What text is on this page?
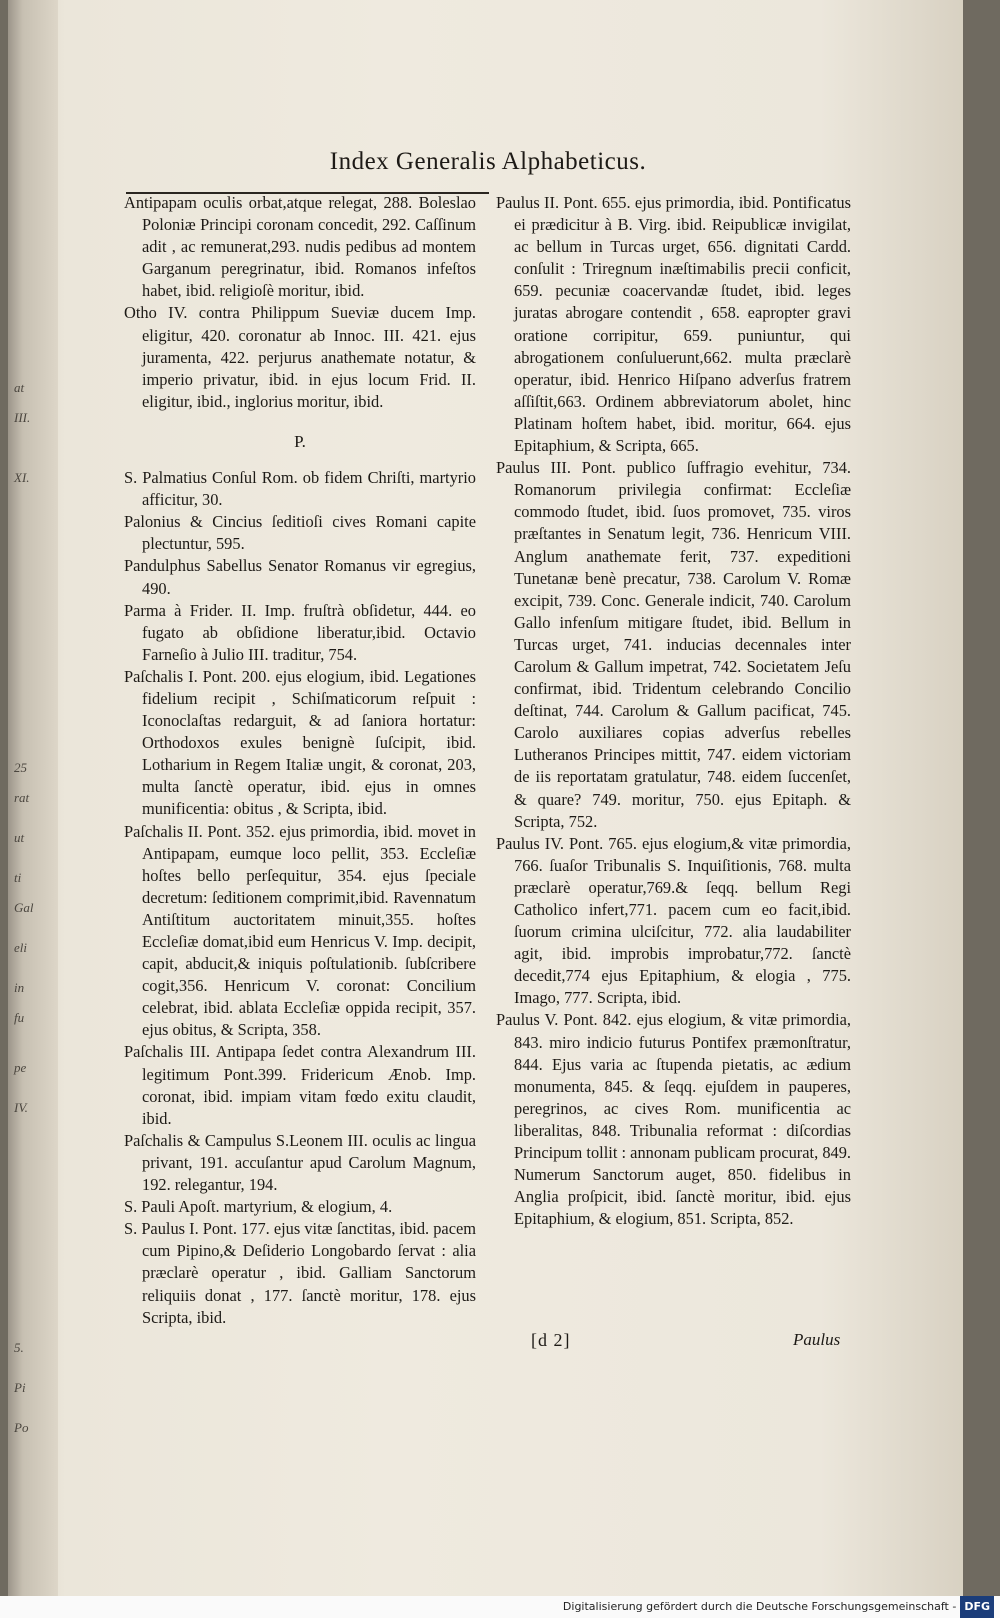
at
III.
XI.
25
rat
ut
ti
Gal
eli
in
fu
pe
IV.
5.
Pi
Po
Index Generalis Alphabeticus.

Antipapam oculis orbat,atque relegat, 288. Boleslao Poloniæ Principi coronam concedit, 292. Caſſinum adit , ac remunerat,293. nudis pedibus ad montem Garganum peregrinatur, ibid. Romanos infeſtos habet, ibid. religioſè moritur, ibid.

Otho IV. contra Philippum Sueviæ ducem Imp. eligitur, 420. coronatur ab Innoc. III. 421. ejus juramenta, 422. perjurus anathemate notatur, & imperio privatur, ibid. in ejus locum Frid. II. eligitur, ibid., inglorius moritur, ibid.

P.

S. Palmatius Conſul Rom. ob fidem Chriſti, martyrio afficitur, 30.

Palonius & Cincius ſeditioſi cives Romani capite plectuntur, 595.

Pandulphus Sabellus Senator Romanus vir egregius, 490.

Parma à Frider. II. Imp. fruſtrà obſidetur, 444. eo fugato ab obſidione liberatur,ibid. Octavio Farneſio à Julio III. traditur, 754.

Paſchalis I. Pont. 200. ejus elogium, ibid. Legationes fidelium recipit , Schiſmaticorum reſpuit : Iconoclaſtas redarguit, & ad ſaniora hortatur: Orthodoxos exules benignè ſuſcipit, ibid. Lotharium in Regem Italiæ ungit, & coronat, 203, multa ſanctè operatur, ibid. ejus in omnes munificentia: obitus , & Scripta, ibid.

Paſchalis II. Pont. 352. ejus primordia, ibid. movet in Antipapam, eumque loco pellit, 353. Eccleſiæ hoſtes bello perſequitur, 354. ejus ſpeciale decretum: ſeditionem comprimit,ibid. Ravennatum Antiſtitum auctoritatem minuit,355. hoſtes Eccleſiæ domat,ibid eum Henricus V. Imp. decipit, capit, abducit,& iniquis poſtulationib. ſubſcribere cogit,356. Henricum V. coronat: Concilium celebrat, ibid. ablata Eccleſiæ oppida recipit, 357. ejus obitus, & Scripta, 358.

Paſchalis III. Antipapa ſedet contra Alexandrum III. legitimum Pont.399. Fridericum Ænob. Imp. coronat, ibid. impiam vitam fœdo exitu claudit, ibid.

Paſchalis & Campulus S.Leonem III. oculis ac lingua privant, 191. accuſantur apud Carolum Magnum, 192. relegantur, 194.

S. Pauli Apoſt. martyrium, & elogium, 4.

S. Paulus I. Pont. 177. ejus vitæ ſanctitas, ibid. pacem cum Pipino,& Deſiderio Longobardo ſervat : alia præclarè operatur , ibid. Galliam Sanctorum reliquiis donat , 177. ſanctè moritur, 178. ejus Scripta, ibid.

Paulus II. Pont. 655. ejus primordia, ibid. Pontificatus ei prædicitur à B. Virg. ibid. Reipublicæ invigilat, ac bellum in Turcas urget, 656. dignitati Cardd. conſulit : Triregnum inæſtimabilis precii conficit, 659. pecuniæ coacervandæ ſtudet, ibid. leges juratas abrogare contendit , 658. eapropter gravi oratione corripitur, 659. puniuntur, qui abrogationem conſuluerunt,662. multa præclarè operatur, ibid. Henrico Hiſpano adverſus fratrem aſſiſtit,663. Ordinem abbreviatorum abolet, hinc Platinam hoſtem habet, ibid. moritur, 664. ejus Epitaphium, & Scripta, 665.

Paulus III. Pont. publico ſuffragio evehitur, 734. Romanorum privilegia confirmat: Eccleſiæ commodo ſtudet, ibid. ſuos promovet, 735. viros præſtantes in Senatum legit, 736. Henricum VIII. Anglum anathemate ferit, 737. expeditioni Tunetanæ benè precatur, 738. Carolum V. Romæ excipit, 739. Conc. Generale indicit, 740. Carolum Gallo infenſum mitigare ſtudet, ibid. Bellum in Turcas urget, 741. inducias decennales inter Carolum & Gallum impetrat, 742. Societatem Jeſu confirmat, ibid. Tridentum celebrando Concilio deſtinat, 744. Carolum & Gallum pacificat, 745. Carolo auxiliares copias adverſus rebelles Lutheranos Principes mittit, 747. eidem victoriam de iis reportatam gratulatur, 748. eidem ſuccenſet, & quare? 749. moritur, 750. ejus Epitaph. & Scripta, 752.

Paulus IV. Pont. 765. ejus elogium,& vitæ primordia, 766. ſuaſor Tribunalis S. Inquiſitionis, 768. multa præclarè operatur,769.& ſeqq. bellum Regi Catholico infert,771. pacem cum eo facit,ibid. ſuorum crimina ulciſcitur, 772. alia laudabiliter agit, ibid. improbis improbatur,772. ſanctè decedit,774 ejus Epitaphium, & elogia , 775. Imago, 777. Scripta, ibid.

Paulus V. Pont. 842. ejus elogium, & vitæ primordia, 843. miro indicio futurus Pontifex præmonſtratur, 844. Ejus varia ac ſtupenda pietatis, ac ædium monumenta, 845. & ſeqq. ejuſdem in pauperes, peregrinos, ac cives Rom. munificentia ac liberalitas, 848. Tribunalia reformat : diſcordias Principum tollit : annonam publicam procurat, 849. Numerum Sanctorum auget, 850. fidelibus in Anglia proſpicit, ibid. ſanctè moritur, ibid. ejus Epitaphium, & elogium, 851. Scripta, 852.

[d 2]	Paulus
Digitalisierung gefördert durch die Deutsche Forschungsgemeinschaft - DFG
